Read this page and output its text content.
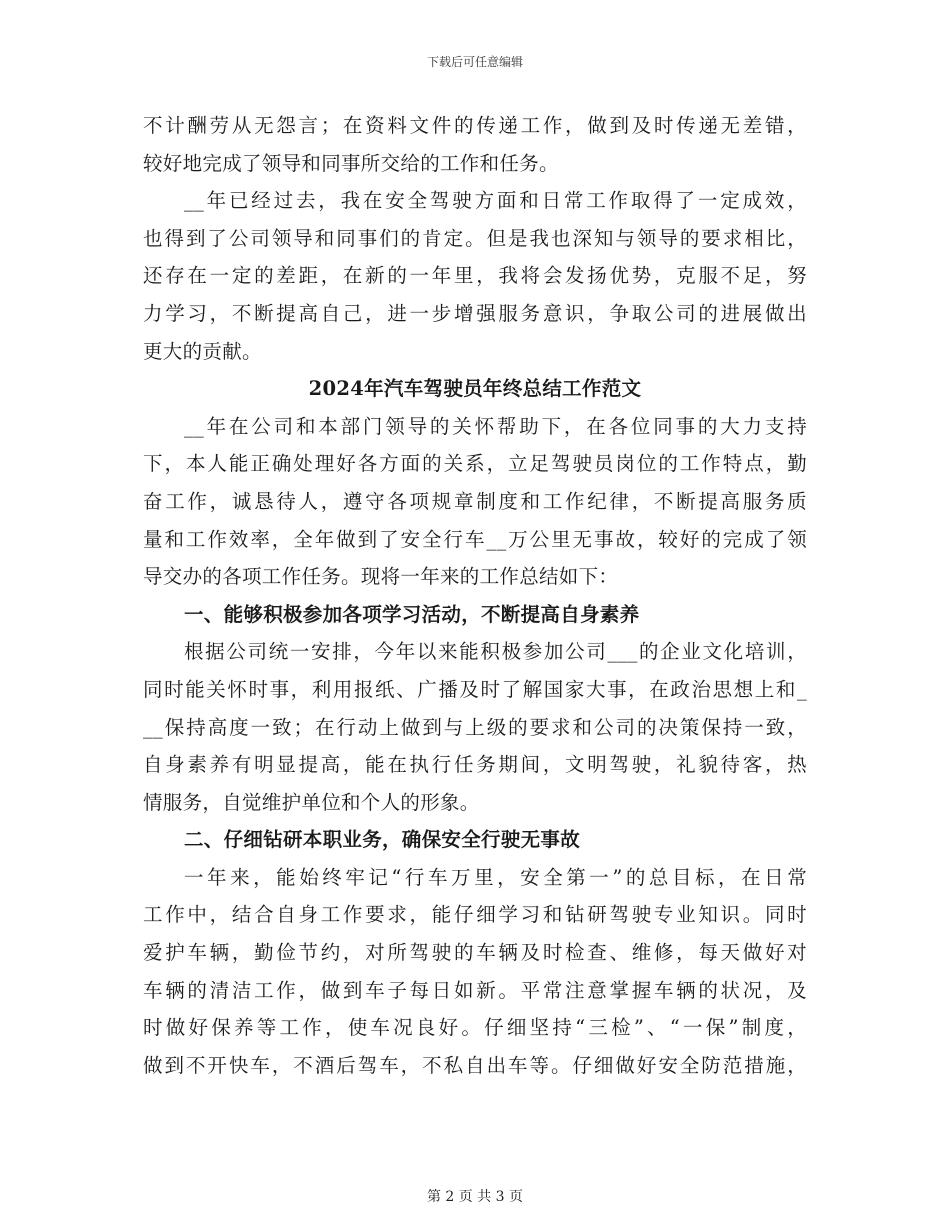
下载后可任意编辑
不计酬劳从无怨言；在资料文件的传递工作，做到及时传递无差错，
较好地完成了领导和同事所交给的工作和任务。
__年已经过去，我在安全驾驶方面和日常工作取得了一定成效，
也得到了公司领导和同事们的肯定。但是我也深知与领导的要求相比，
还存在一定的差距，在新的一年里，我将会发扬优势，克服不足，努
力学习，不断提高自己，进一步增强服务意识，争取公司的进展做出
更大的贡献。
2024年汽车驾驶员年终总结工作范文
__年在公司和本部门领导的关怀帮助下，在各位同事的大力支持
下，本人能正确处理好各方面的关系，立足驾驶员岗位的工作特点，勤
奋工作，诚恳待人，遵守各项规章制度和工作纪律，不断提高服务质
量和工作效率，全年做到了安全行车__万公里无事故，较好的完成了领
导交办的各项工作任务。现将一年来的工作总结如下：
一、能够积极参加各项学习活动，不断提高自身素养
根据公司统一安排，今年以来能积极参加公司___的企业文化培训，
同时能关怀时事，利用报纸、广播及时了解国家大事，在政治思想上和_
__保持高度一致；在行动上做到与上级的要求和公司的决策保持一致，
自身素养有明显提高，能在执行任务期间，文明驾驶，礼貌待客，热
情服务，自觉维护单位和个人的形象。
二、仔细钻研本职业务，确保安全行驶无事故
一年来，能始终牢记“行车万里，安全第一”的总目标，在日常
工作中，结合自身工作要求，能仔细学习和钻研驾驶专业知识。同时
爱护车辆，勤俭节约，对所驾驶的车辆及时检查、维修，每天做好对
车辆的清洁工作，做到车子每日如新。平常注意掌握车辆的状况，及
时做好保养等工作，使车况良好。仔细坚持“三检”、“一保”制度，
做到不开快车，不酒后驾车，不私自出车等。仔细做好安全防范措施，
第 2 页 共 3 页
